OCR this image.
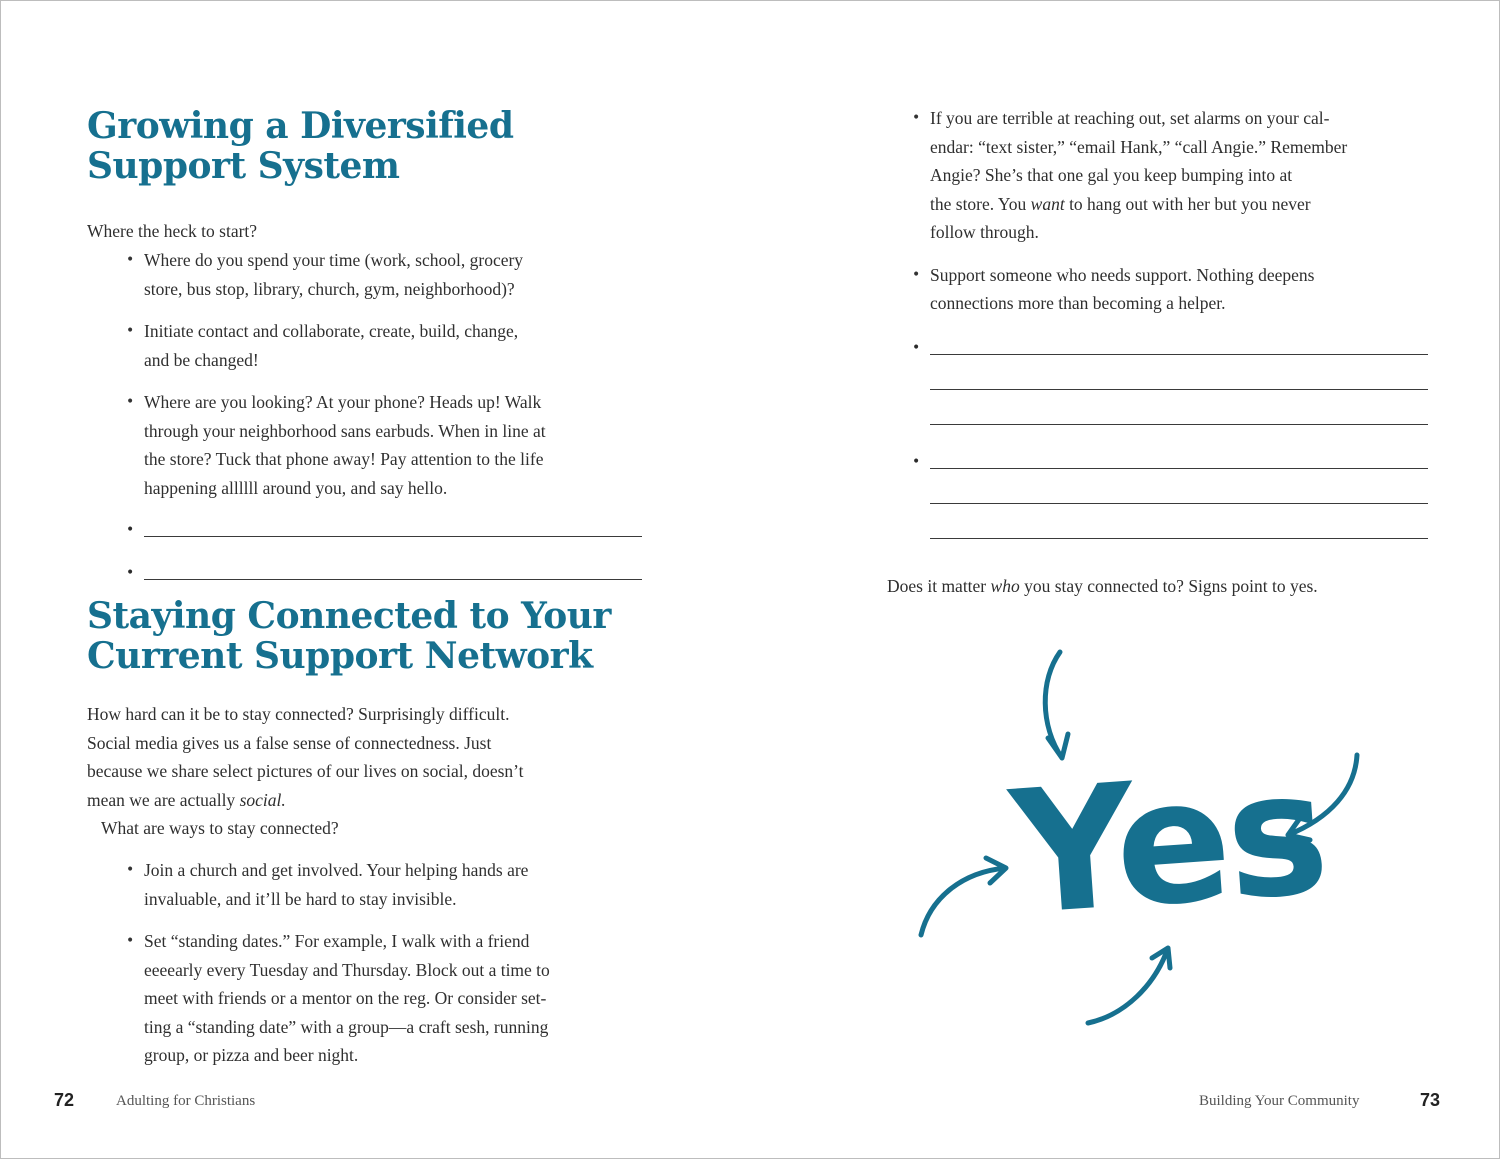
Growing a Diversified
Support System

Where the heck to start?

• Where do you spend your time (work, school, grocery
store, bus stop, library, church, gym, neighborhood)?
• Initiate contact and collaborate, create, build, change,
and be changed!
• Where are you looking? At your phone? Heads up! Walk
through your neighborhood sans earbuds. When in line at
the store? Tuck that phone away! Pay attention to the life
happening allllll around you, and say hello.
•
•
Staying Connected to Your
Current Support Network
How hard can it be to stay connected? Surprisingly difficult.
Social media gives us a false sense of connectedness. Just
because we share select pictures of our lives on social, doesn’t
mean we are actually social.

What are ways to stay connected?

• Join a church and get involved. Your helping hands are
invaluable, and it’ll be hard to stay invisible.
• Set “standing dates.” For example, I walk with a friend
eeeearly every Tuesday and Thursday. Block out a time to
meet with friends or a mentor on the reg. Or consider set-
ting a “standing date” with a group—a craft sesh, running
group, or pizza and beer night.
72	Adulting for Christians
• If you are terrible at reaching out, set alarms on your cal-
endar: “text sister,” “email Hank,” “call Angie.” Remember
Angie? She’s that one gal you keep bumping into at
the store. You want to hang out with her but you never
follow through.
• Support someone who needs support. Nothing deepens
connections more than becoming a helper.
•
•

Does it matter who you stay connected to? Signs point to yes.

Yes
Building Your Community	73
